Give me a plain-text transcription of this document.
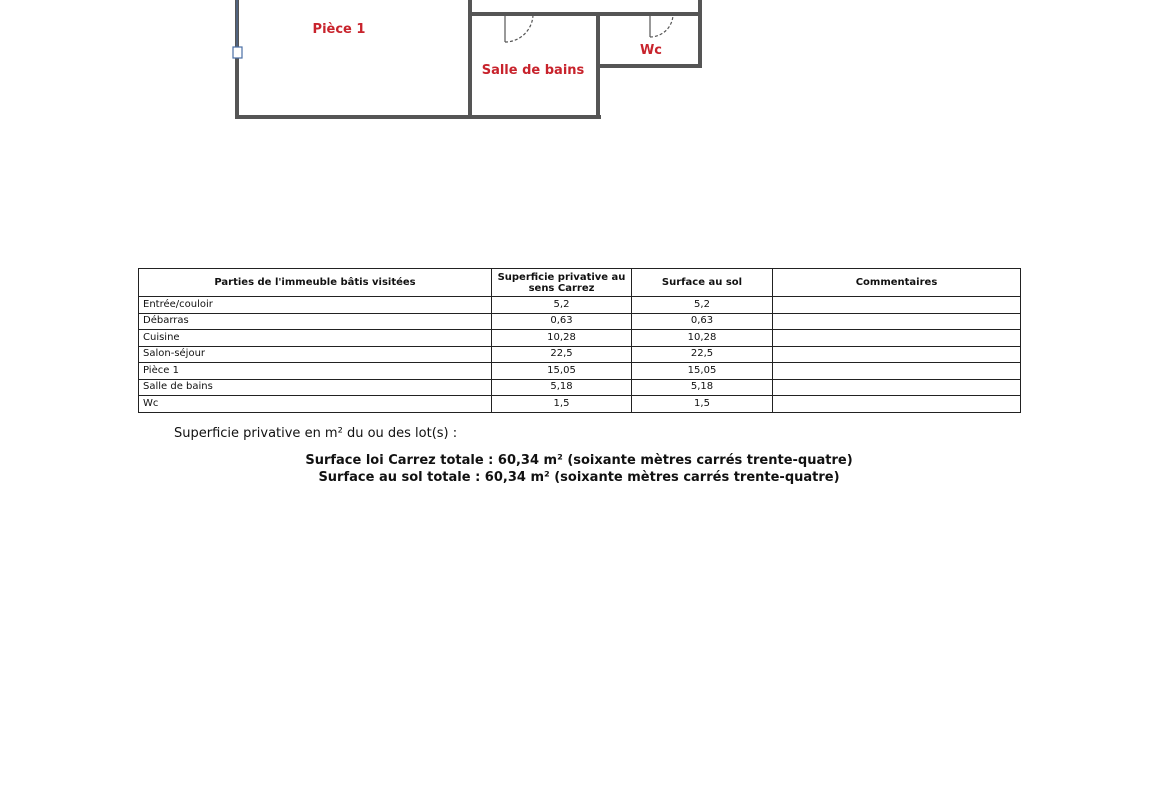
Pièce 1
Salle de bains
Wc
Parties de l'immeuble bâtis visitées	Superficie privative au sens Carrez	Surface au sol	Commentaires
Entrée/couloir	5,2	5,2	
Débarras	0,63	0,63	
Cuisine	10,28	10,28	
Salon-séjour	22,5	22,5	
Pièce 1	15,05	15,05	
Salle de bains	5,18	5,18	
Wc	1,5	1,5	
Superficie privative en m² du ou des lot(s) :
Surface loi Carrez totale : 60,34 m² (soixante mètres carrés trente-quatre)
Surface au sol totale : 60,34 m² (soixante mètres carrés trente-quatre)
